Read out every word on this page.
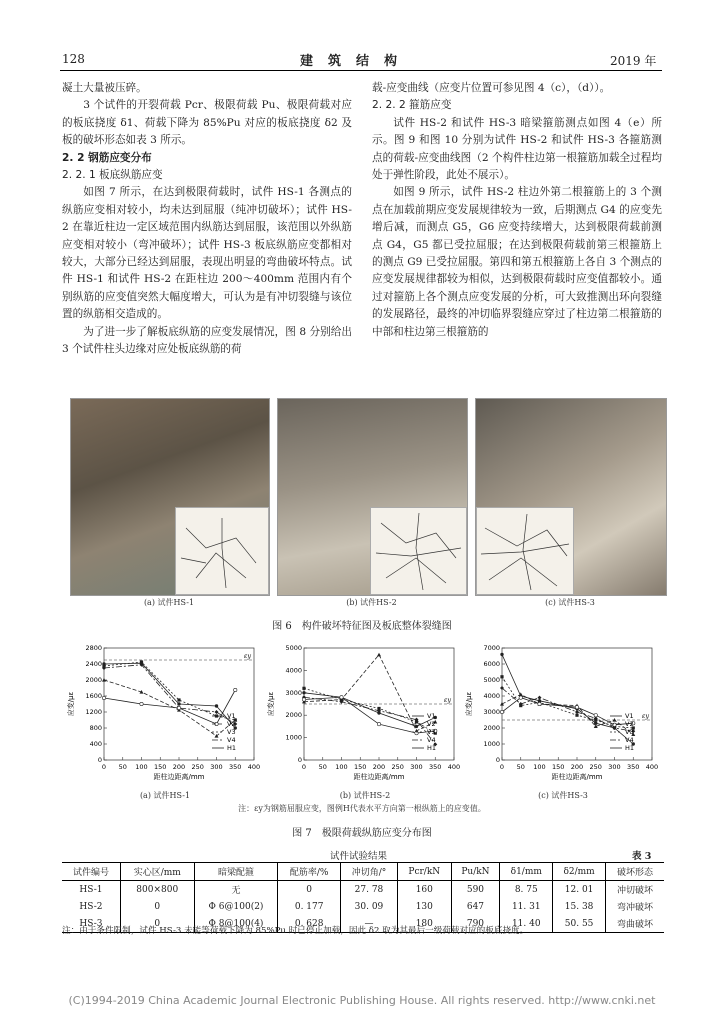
128	建　筑　结　构	2019 年

凝土大量被压碎。

3 个试件的开裂荷载 Pcr、极限荷载 Pu、极限荷载对应的板底挠度 δ1、荷载下降为 85%Pu 对应的板底挠度 δ2 及板的破坏形态如表 3 所示。

2. 2 钢筋应变分布

2. 2. 1 板底纵筋应变

如图 7 所示，在达到极限荷载时，试件 HS-1 各测点的纵筋应变相对较小，均未达到屈服（纯冲切破坏）；试件 HS-2 在靠近柱边一定区域范围内纵筋达到屈服，该范围以外纵筋应变相对较小（弯冲破坏）；试件 HS-3 板底纵筋应变都相对较大，大部分已经达到屈服，表现出明显的弯曲破坏特点。试件 HS-1 和试件 HS-2 在距柱边 200～400mm 范围内有个别纵筋的应变值突然大幅度增大，可认为是有冲切裂缝与该位置的纵筋相交造成的。

为了进一步了解板底纵筋的应变发展情况，图 8 分别给出 3 个试件柱头边缘对应处板底纵筋的荷

载-应变曲线（应变片位置可参见图 4（c），（d））。

2. 2. 2 箍筋应变

试件 HS-2 和试件 HS-3 暗梁箍筋测点如图 4（e）所示。图 9 和图 10 分别为试件 HS-2 和试件 HS-3 各箍筋测点的荷载-应变曲线图（2 个构件柱边第一根箍筋加载全过程均处于弹性阶段，此处不展示）。

如图 9 所示，试件 HS-2 柱边外第二根箍筋上的 3 个测点在加载前期应变发展规律较为一致，后期测点 G4 的应变先增后减，而测点 G5，G6 应变持续增大，达到极限荷载前测点 G4，G5 都已受拉屈服；在达到极限荷载前第三根箍筋上的测点 G9 已受拉屈服。第四和第五根箍筋上各自 3 个测点的应变发展规律都较为相似，达到极限荷载时应变值都较小。通过对箍筋上各个测点应变发展的分析，可大致推测出环向裂缝的发展路径，最终的冲切临界裂缝应穿过了柱边第二根箍筋的中部和柱边第三根箍筋的

(a) 试件HS-1	(b) 试件HS-2	(c) 试件HS-3
图 6　构件破坏特征图及板底整体裂缝图
0 50 100 150 200 250 300 350 400
0
400
800
1200
1600
2000
2400
2800
距柱边距离/mm
应变/με
εy
V1
V2
V3
V4
H1
0 50 100 150 200 250 300 350 400
0
1000
2000
3000
4000
5000
距柱边距离/mm
应变/με	εy
V1
V2
V3
V4
H1
0 50 100 150 200 250 300 350 400
0
1000
2000
3000
4000
5000
6000
7000
距柱边距离/mm
应变/με	εy
V1
V2
V3
V4
H1
(a) 试件HS-1	(b) 试件HS-2	(c) 试件HS-3
注：εy为钢筋屈服应变，图例H代表水平方向第一根纵筋上的应变值。
图 7　极限荷载纵筋应变分布图
试件试验结果	表 3
试件编号	实心区/mm	暗梁配箍	配筋率/%	冲切角/°	Pcr/kN	Pu/kN	δ1/mm	δ2/mm	破坏形态
HS-1	800×800	无	0	27. 78	160	590	8. 75	12. 01	冲切破坏
HS-2	0	Φ 6@100(2)	0. 177	30. 09	130	647	11. 31	15. 38	弯冲破坏
HS-3	0	Φ 8@100(4)	0. 628	—	180	790	11. 40	50. 55	弯曲破坏
注：由于条件限制，试件 HS-3 未能等荷载下降为 85%Pu 时已停止加载，因此 δ2 取为其最后一级荷载对应的板底挠度。
(C)1994-2019 China Academic Journal Electronic Publishing House. All rights reserved. http://www.cnki.net
